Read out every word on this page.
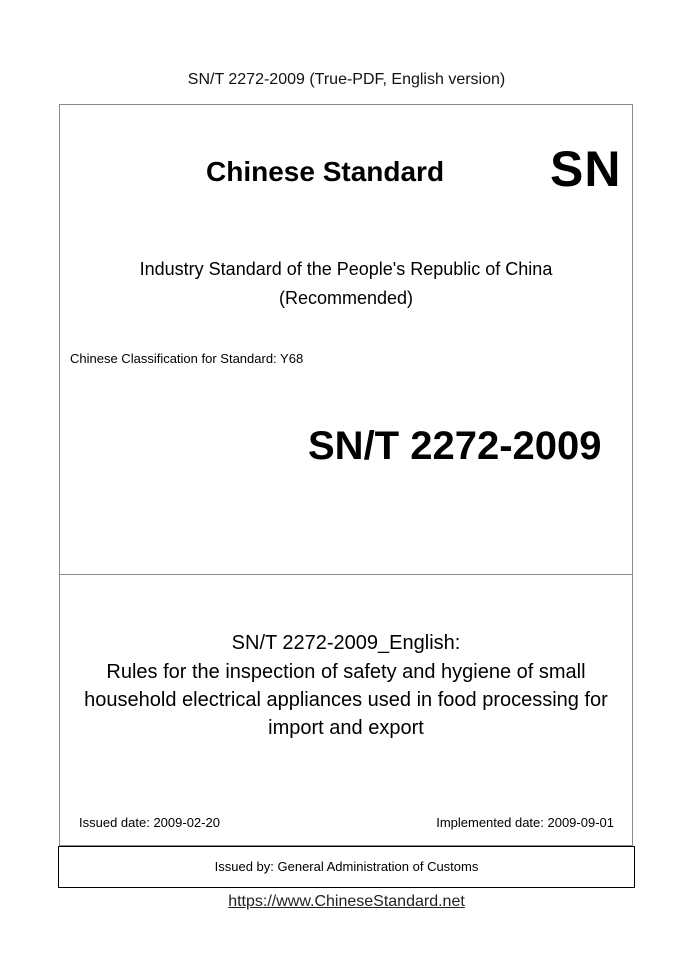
SN/T 2272-2009 (True-PDF, English version)
Chinese Standard SN
Industry Standard of the People's Republic of China
(Recommended)
Chinese Classification for Standard: Y68
SN/T 2272-2009
SN/T 2272-2009_English:
Rules for the inspection of safety and hygiene of small
household electrical appliances used in food processing for
import and export
Issued date: 2009-02-20	Implemented date: 2009-09-01
Issued by: General Administration of Customs
https://www.ChineseStandard.net
